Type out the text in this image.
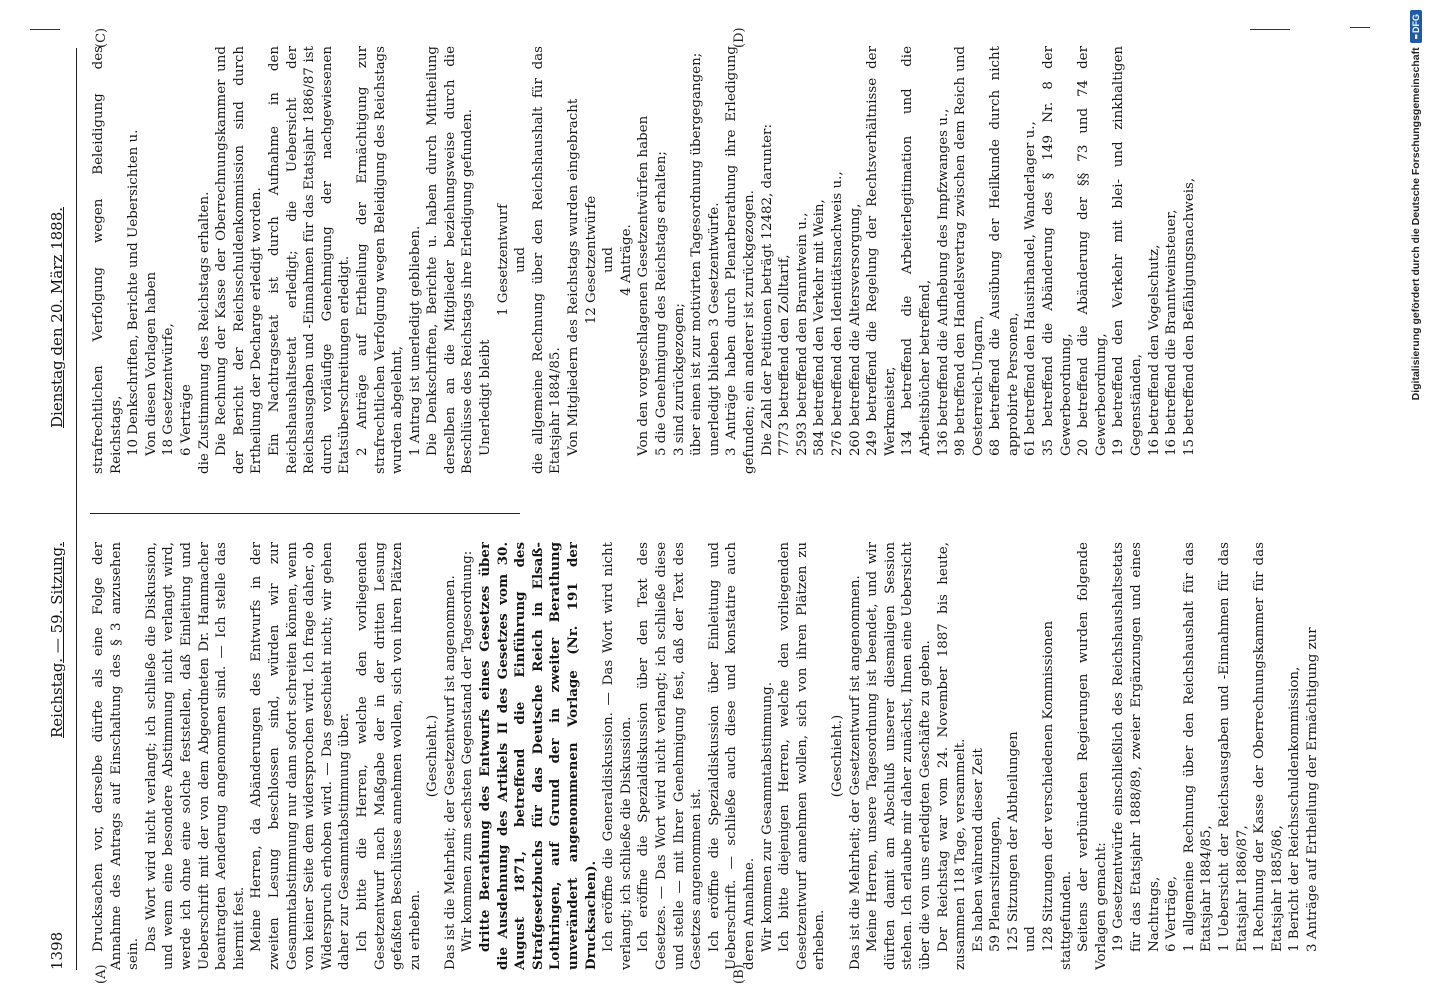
1398
Reichstag. — 59. Sitzung.
Dienstag den 20. März 1888.
(A)	(B)
(C)	(D)

Drucksachen vor, derselbe dürfte als eine Folge der Annahme des Antrags auf Einschaltung des § 3 anzusehen sein.

Das Wort wird nicht verlangt; ich schließe die Diskussion, und wenn eine besondere Abstimmung nicht verlangt wird, werde ich ohne eine solche feststellen, daß Einleitung und Ueberschrift mit der von dem Abgeordneten Dr. Hammacher beantragten Aenderung angenommen sind. — Ich stelle das hiermit fest. Meine Herren, da Abänderungen des Entwurfs in der zweiten Lesung beschlossen sind, würden wir zur Gesammtabstimmung nur dann sofort schreiten können, wenn von keiner Seite dem widersprochen wird. Ich frage daher, ob Widerspruch erhoben wird. — Das geschieht nicht; wir gehen daher zur Gesammtabstimmung über. Ich bitte die Herren, welche den vorliegenden Gesetzentwurf nach Maßgabe der in der dritten Lesung gefaßten Beschlüsse annehmen wollen, sich von ihren Plätzen zu erheben.

(Geschieht.) Das ist die Mehrheit; der Gesetzentwurf ist angenommen. Wir kommen zum sechsten Gegenstand der Tagesordnung: dritte Berathung des Entwurfs eines Gesetzes über die Ausdehnung des Artikels II des Gesetzes vom 30. August 1871, betreffend die Einführung des Strafgesetzbuchs für das Deutsche Reich in Elsaß-Lothringen, auf Grund der in zweiter Berathung unverändert angenommenen Vorlage (Nr. 191 der Drucksachen). Ich eröffne die Generaldiskussion. — Das Wort wird nicht verlangt; ich schließe die Diskussion. Ich eröffne die Spezialdiskussion über den Text des Gesetzes. — Das Wort wird nicht verlangt; ich schließe diese und stelle — mit Ihrer Genehmigung fest, daß der Text des Gesetzes angenommen ist. Ich eröffne die Spezialdiskussion über Einleitung und Ueberschrift. — schließe auch diese und konstatire auch deren Annahme. Wir kommen zur Gesammtabstimmung. Ich bitte diejenigen Herren, welche den vorliegenden Gesetzentwurf annehmen wollen, sich von ihren Plätzen zu erheben.

(Geschieht.) Das ist die Mehrheit; der Gesetzentwurf ist angenommen. Meine Herren, unsere Tagesordnung ist beendet, und wir dürften damit am Abschluß unserer diesmaligen Session stehen. Ich erlaube mir daher zunächst, Ihnen eine Uebersicht über die von uns erledigten Geschäfte zu geben. Der Reichstag war vom 24. November 1887 bis heute, zusammen 118 Tage, versammelt. Es haben während dieser Zeit 59 Plenarsitzungen, 125 Sitzungen der Abtheilungen und 128 Sitzungen der verschiedenen Kommissionen stattgefunden. Seitens der verbündeten Regierungen wurden folgende Vorlagen gemacht: 19 Gesetzentwürfe einschließlich des Reichshaushaltsetats für das Etatsjahr 1888/89, zweier Ergänzungen und eines Nachtrags, 6 Verträge, 1 allgemeine Rechnung über den Reichshaushalt für das Etatsjahr 1884/85, 1 Uebersicht der Reichsausgaben und -Einnahmen für das Etatsjahr 1886/87, 1 Rechnung der Kasse der Oberrechnungskammer für das Etatsjahr 1885/86, 1 Bericht der Reichsschuldenkommission, 3 Anträge auf Ertheilung der Ermächtigung zur

strafrechtlichen Verfolgung wegen Beleidigung des Reichstags, 10 Denkschriften, Berichte und Uebersichten u. Von diesen Vorlagen haben 18 Gesetzentwürfe, 6 Verträge die Zustimmung des Reichstags erhalten. Die Rechnung der Kasse der Oberrechnungskammer und der Bericht der Reichsschuldenkommission sind durch Ertheilung der Decharge erledigt worden. Ein Nachtragsetat ist durch Aufnahme in den Reichshaushaltsetat erledigt; die Uebersicht der Reichsausgaben und -Einnahmen für das Etatsjahr 1886/87 ist durch vorläufige Genehmigung der nachgewiesenen Etatsüberschreitungen erledigt. 2 Anträge auf Ertheilung der Ermächtigung zur strafrechtlichen Verfolgung wegen Beleidigung des Reichstags wurden abgelehnt, 1 Antrag ist unerledigt geblieben. Die Denkschriften, Berichte u. haben durch Mittheilung derselben an die Mitglieder beziehungsweise durch die Beschlüsse des Reichstags ihre Erledigung gefunden. Unerledigt bleibt

1 Gesetzentwurf und die allgemeine Rechnung über den Reichshaushalt für das Etatsjahr 1884/85. Von Mitgliedern des Reichstags wurden eingebracht 12 Gesetzentwürfe und 4 Anträge. Von den vorgeschlagenen Gesetzentwürfen haben 5 die Genehmigung des Reichstags erhalten; 3 sind zurückgezogen; über einen ist zur motivirten Tagesordnung übergegangen; unerledigt blieben 3 Gesetzentwürfe. 3 Anträge haben durch Plenarberathung ihre Erledigung gefunden; ein anderer ist zurückgezogen. Die Zahl der Petitionen beträgt 12482, darunter: 7773 betreffend den Zolltarif, 2593 betreffend den Branntwein u., 584 betreffend den Verkehr mit Wein, 276 betreffend den Identitätsnachweis u., 260 betreffend die Altersversorgung, 249 betreffend die Regelung der Rechtsverhältnisse der Werkmeister, 134 betreffend die Arbeiterlegitimation und die Arbeitsbücher betreffend, 136 betreffend die Aufhebung des Impfzwanges u., 98 betreffend den Handelsvertrag zwischen dem Reich und Oesterreich-Ungarn, 68 betreffend die Ausübung der Heilkunde durch nicht approbirte Personen, 61 betreffend den Hausirhandel, Wanderlager u., 35 betreffend die Abänderung des § 149 Nr. 8 der Gewerbeordnung, 20 betreffend die Abänderung der §§ 73 und 74 der Gewerbeordnung, 19 betreffend den Verkehr mit blei- und zinkhaltigen Gegenständen, 16 betreffend den Vogelschutz, 16 betreffend die Branntweinsteuer, 15 betreffend den Befähigungsnachweis,	Digitalisierung gefördert durch die Deutsche Forschungsgemeinschaft
▪▪
DFG
